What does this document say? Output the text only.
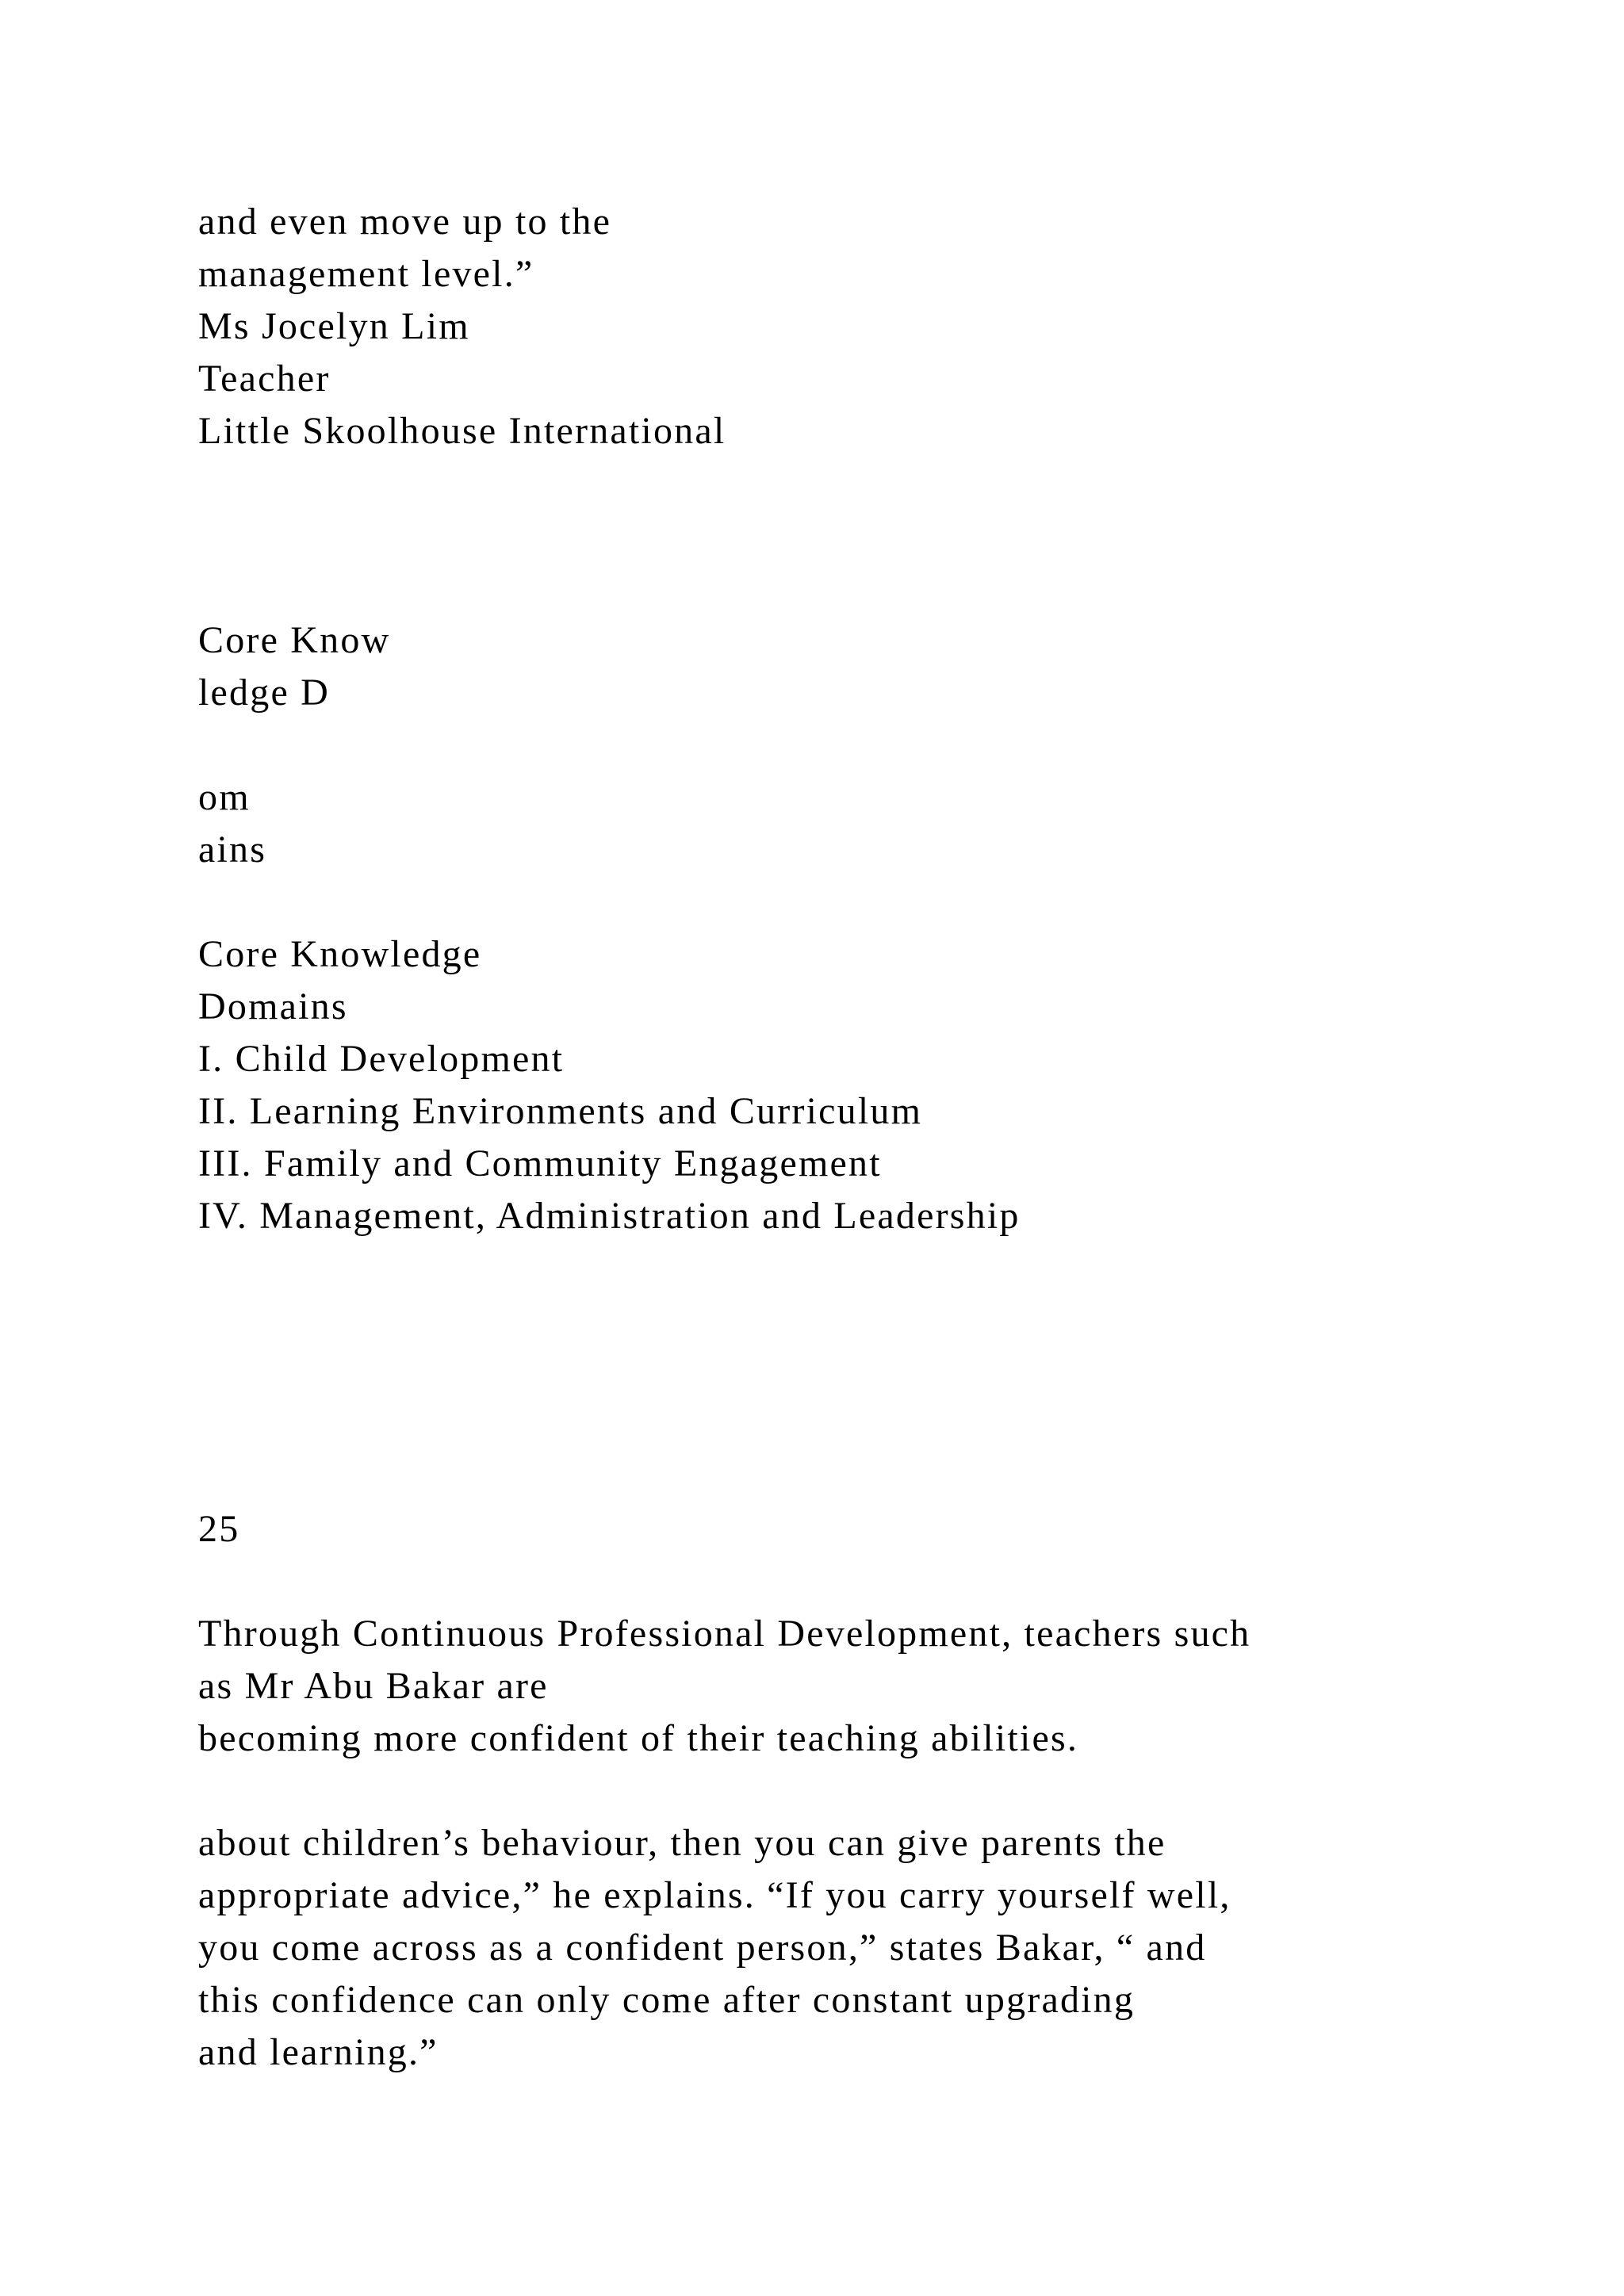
and even move up to the
management level.”
Ms Jocelyn Lim
Teacher
Little Skoolhouse International
Core Know
ledge D
om
ains
Core Knowledge
Domains
I. Child Development
II. Learning Environments and Curriculum
III. Family and Community Engagement
IV. Management, Administration and Leadership
25
Through Continuous Professional Development, teachers such
as Mr Abu Bakar are
becoming more confident of their teaching abilities.
about children’s behaviour, then you can give parents the
appropriate advice,” he explains. “If you carry yourself well,
you come across as a confident person,” states Bakar, “ and
this confidence can only come after constant upgrading
and learning.”
